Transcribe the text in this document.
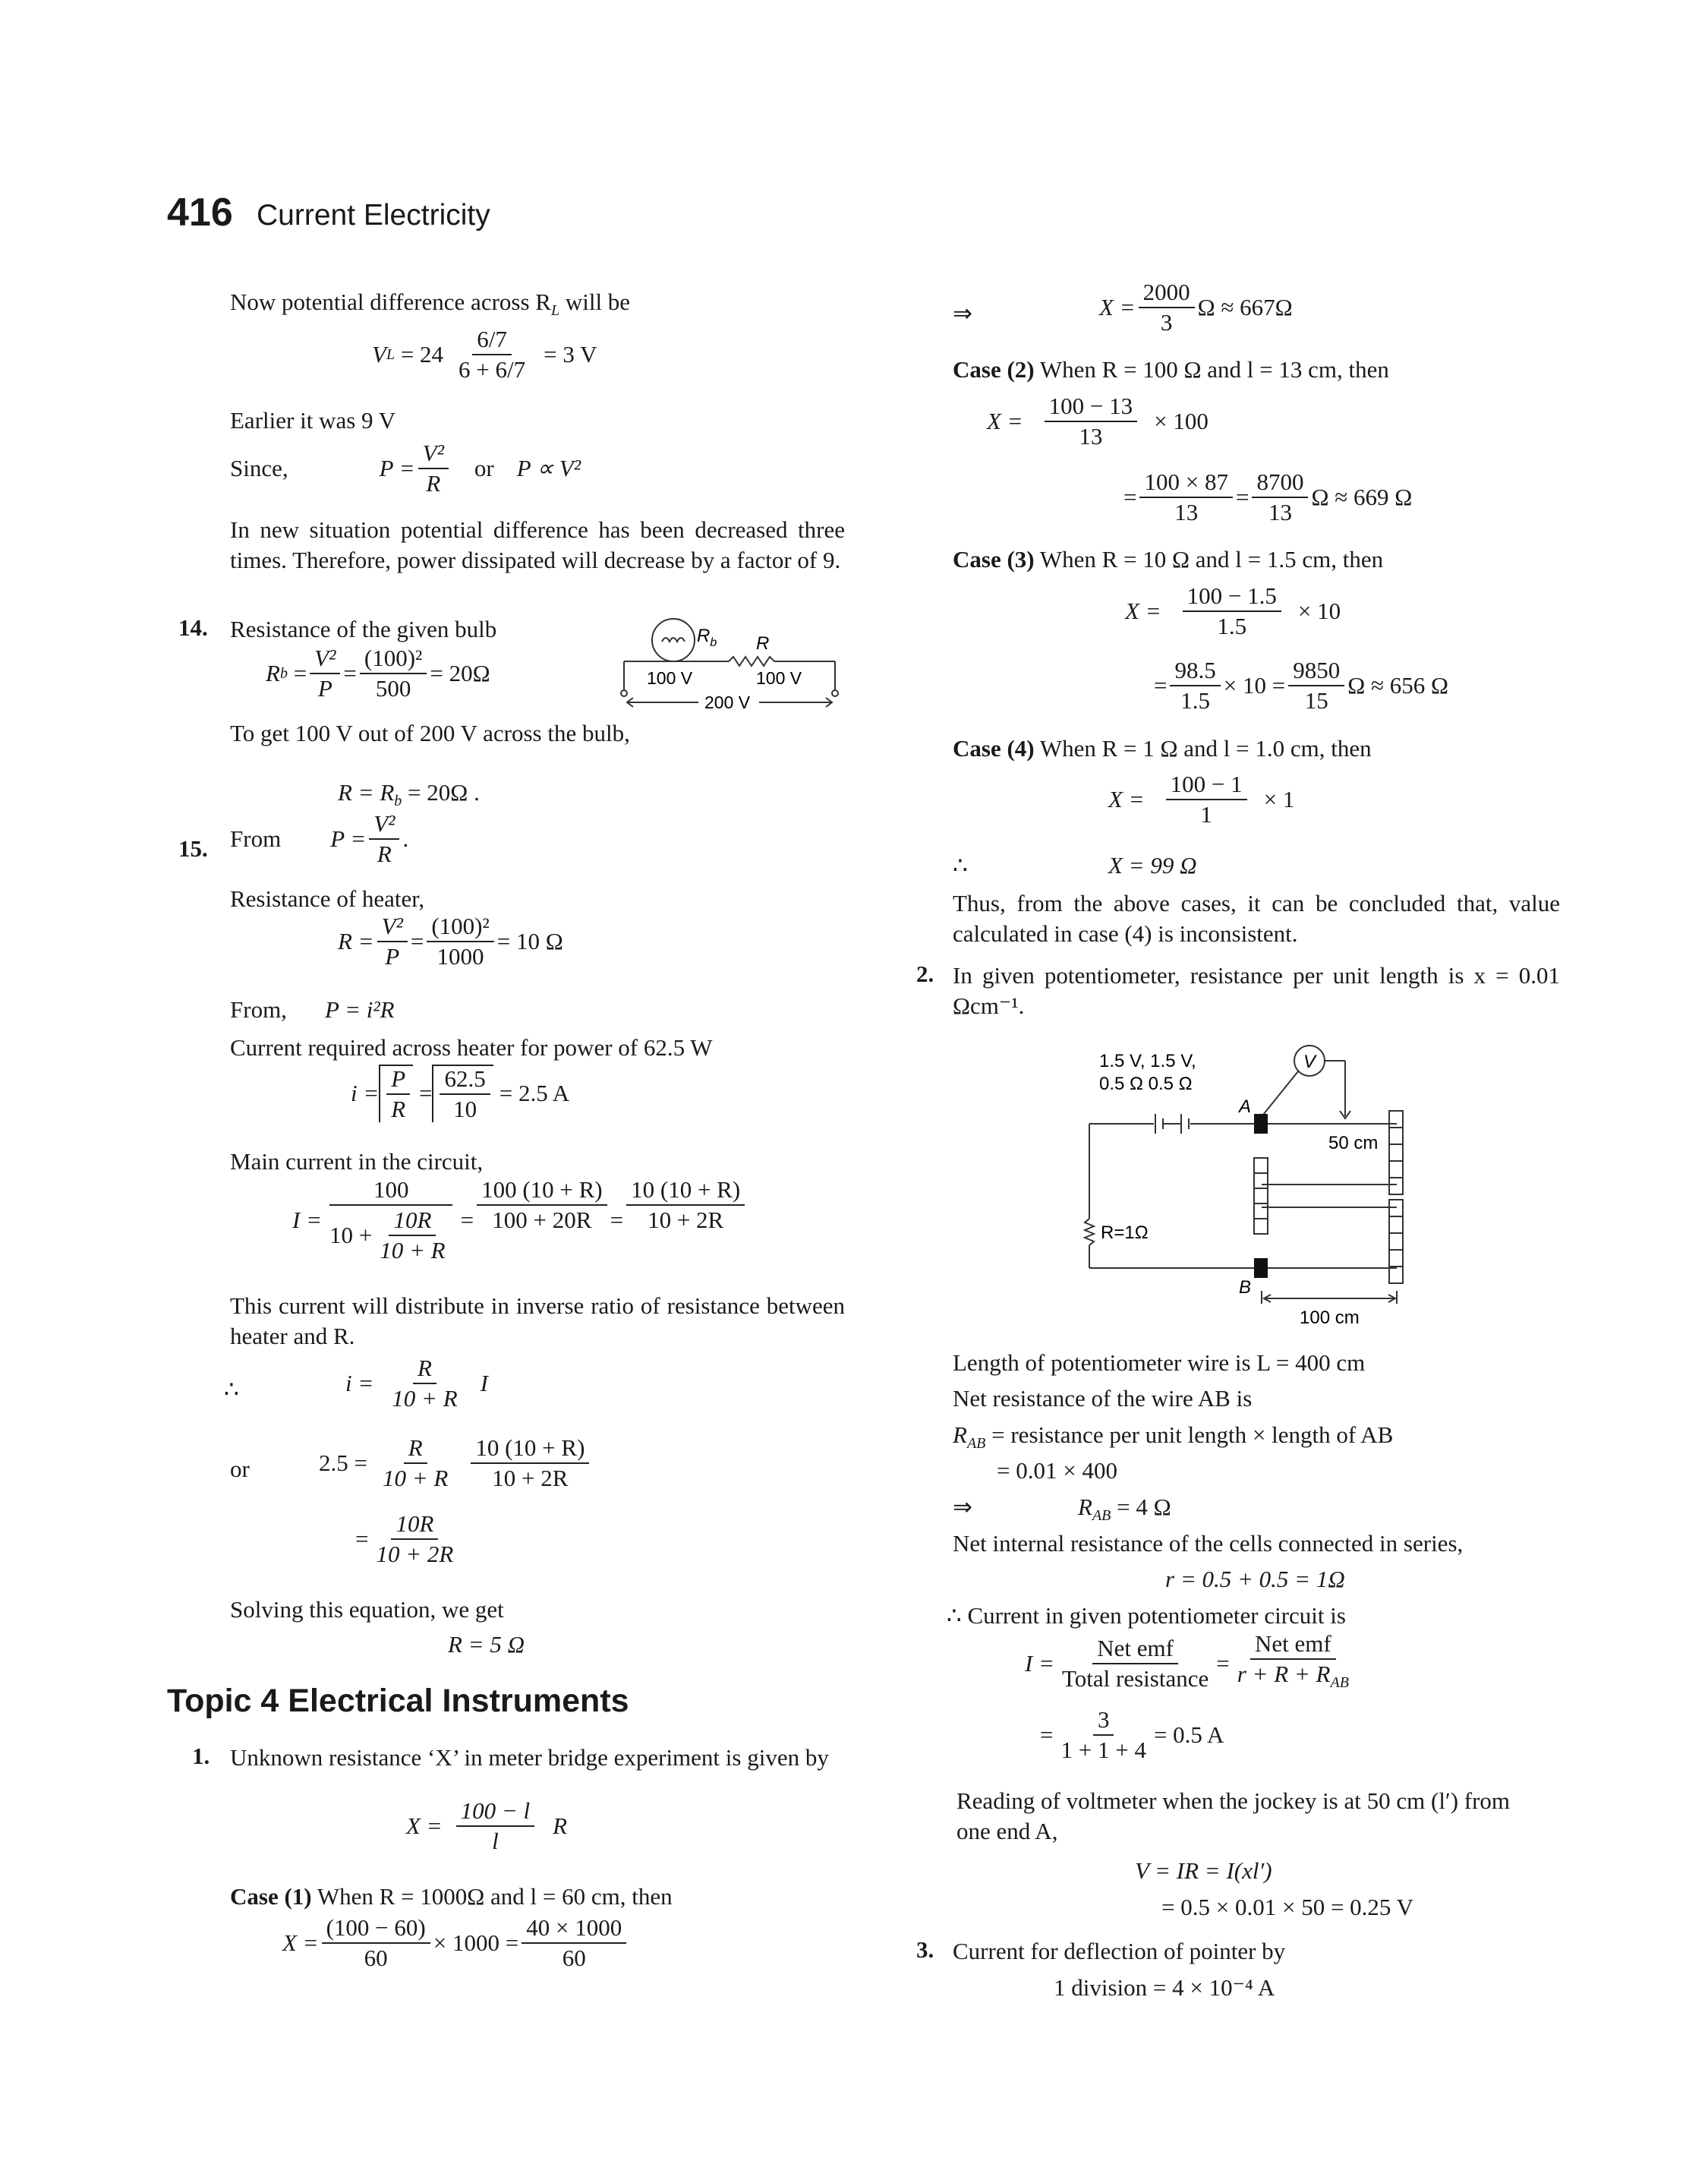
416 Current Electricity
Now potential difference across $R_L$ will be
V L
= $24 \frac{6/7}{6 + 6/7} = 3$ V
Earlier it was 9 V
Since,	$P = \frac{\text{V²}}{R}$ or P ∝ V²
In new situation potential difference has been decreased three times. Therefore, power dissipated will decrease by a factor of 9.
14. Resistance of the given bulb
R $b = \frac{\text{V²}}{P} = \frac{\text{(100)²}}{500} = 20\Omega$
To get 100 V out of 200 V across the bulb,
$R = R_b = 20\Omega$ .
$R_b$ R
100 V	100 V
200 V
15. From $P = \frac{\text{V²}}{R}$ .
Resistance of heater,
$R = \frac{\text{V²}}{P} = \frac{\text{(100)²}}{1000} = 10$ Ω
From, P = i²R
Current required across heater for power of 62.5 W
$i = \frac{P}{R} = \frac{62.5}{10} = 2.5$ A
Main current in the circuit,
$I = \frac{100}{10 + \frac{10R}{10 + R}} = \frac{100 (10 + R)}{100 + 20R} = \frac{10 (10 + R)}{10 + 2R}$
This current will distribute in inverse ratio of resistance between heater and R.
∴	$i = \frac{R}{10 + R}$ I
or	$2.5 = \frac{R}{10 + R} \frac{10 (10 + R)}{10 + 2R}$
= $\frac{10R}{10 + 2R}$
Solving this equation, we get
R = 5 Ω
Topic 4 Electrical Instruments
1. Unknown resistance ‘X’ in meter bridge experiment is given by
$X = \frac{100 - l}{l}$ R
Case (1) When R = 1000Ω and l = 60 cm, then
$X = \frac{(100 - 60)}{60} \times 1000 = \frac{40 \times 1000}{60}$
⇒	$X = \frac{2000}{3}$ Ω ≈ 667Ω
Case (2) When R = 100 Ω and l = 13 cm, then
$X = \frac{100 - 13}{13} \times 100$
= $\frac{100 \times 87}{13} = \frac{8700}{13}$ Ω ≈ 669 Ω
Case (3) When R = 10 Ω and l = 1.5 cm, then
$X = \frac{100 - 1.5}{1.5} \times 10$
= $\frac{98.5}{1.5} \times 10 = \frac{9850}{15}$ Ω ≈ 656 Ω
Case (4) When R = 1 Ω and l = 1.0 cm, then
$X = \frac{100 - 1}{1} \times 1$
∴	X = 99 Ω
Thus, from the above cases, it can be concluded that, value calculated in case (4) is inconsistent.
2. In given potentiometer, resistance per unit length is x = 0.01 Ωcm⁻¹.
1.5 V, 1.5 V,
0.5 Ω 0.5 Ω
V
A
B
50 cm
R=1Ω
100 cm
Length of potentiometer wire is L = 400 cm
Net resistance of the wire AB is
$R_{AB}$ = resistance per unit length × length of AB
= 0.01 × 400
⇒	$R_{AB} = 4$ Ω
Net internal resistance of the cells connected in series,
r = 0.5 + 0.5 = 1Ω
∴ Current in given potentiometer circuit is
$I = \frac{\text{Net emf}}{\text{Total resistance}} = \frac{\text{Net emf}}{r + R + R_{AB}}$
= $\frac{3}{1 + 1 + 4} = 0.5$ A
Reading of voltmeter when the jockey is at 50 cm (l′) from one end A,
V = IR = I(xl′)
= 0.5 × 0.01 × 50 = 0.25 V
3. Current for deflection of pointer by
1 division = 4 × 10⁻⁴ A
